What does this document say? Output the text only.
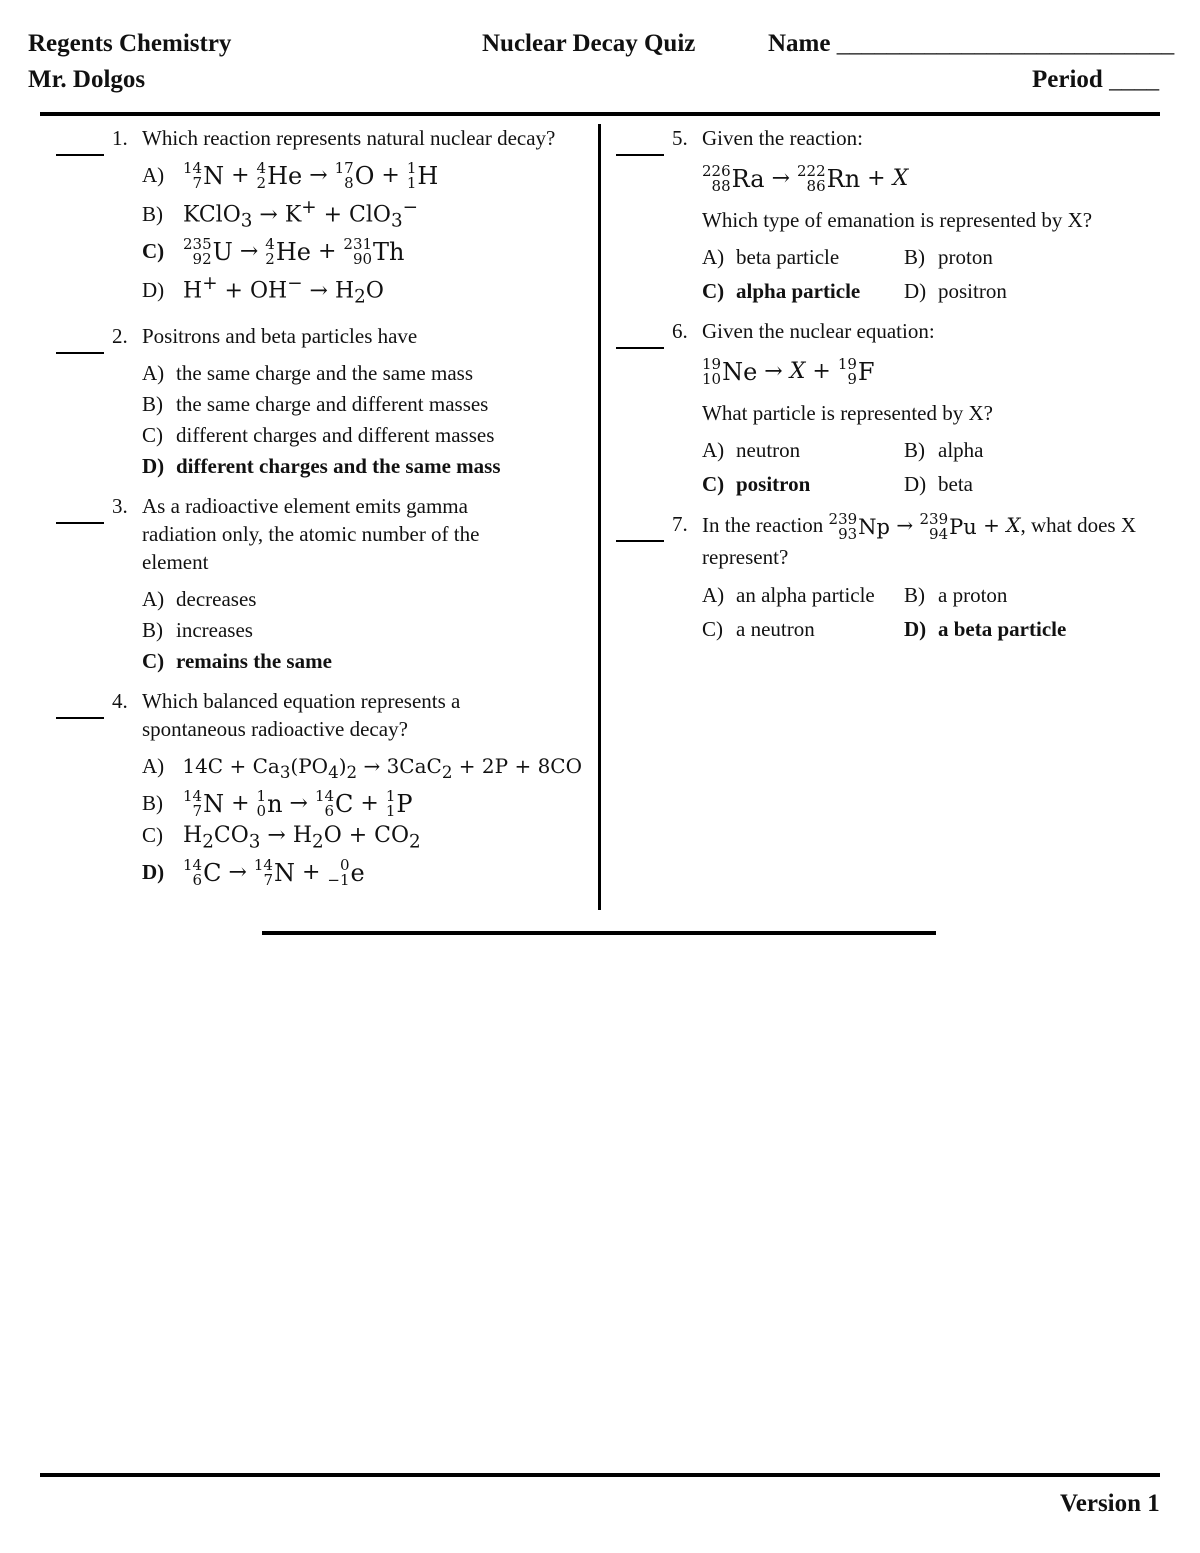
Regents Chemistry
Mr. Dolgos
Nuclear Decay Quiz	Name ___________________________
Period ____
Version 1
1. Which reaction represents natural nuclear decay?
A) 14
7 N + 4
2 He → 17
8 O + 1
1 H
B) KClO$_3$ → K+ + ClO$_3$−
C) 235
92 U → 4
2 He + 231
90 Th
D) $H^+ + OH^- \to H_2O$
2. Positrons and beta particles have
A) the same charge and the same mass
B) the same charge and different masses
C) different charges and different masses
D) different charges and the same mass
3. As a radioactive element emits gamma radiation only, the atomic number of the element
A) decreases
B) increases
C) remains the same
4. Which balanced equation represents a spontaneous radioactive decay?
A) $14C + Ca_3(PO_4)_2 \to 3CaC_2 + 2P + 8CO$
B) 14
7 N + 1
0 n → 14
6 C + 1
1 P
C) $H_2CO_3 \to H_2O + CO_2$
D) 14
6 C → 14
7 N + 0
−1 e
5. Given the reaction:
226
88 Ra → 222
86 Rn + X
Which type of emanation is represented by X?
A) beta particle	B) proton
C) alpha particle	D) positron
6. Given the nuclear equation:
19
10 Ne → X + 19
9 F
What particle is represented by X?
A) neutron	B) alpha
C) positron	D) beta
7. In the reaction 239
93 Np → 239
94 Pu + X, what does X represent?
A) an alpha particle	B) a proton
C) a neutron	D) a beta particle
